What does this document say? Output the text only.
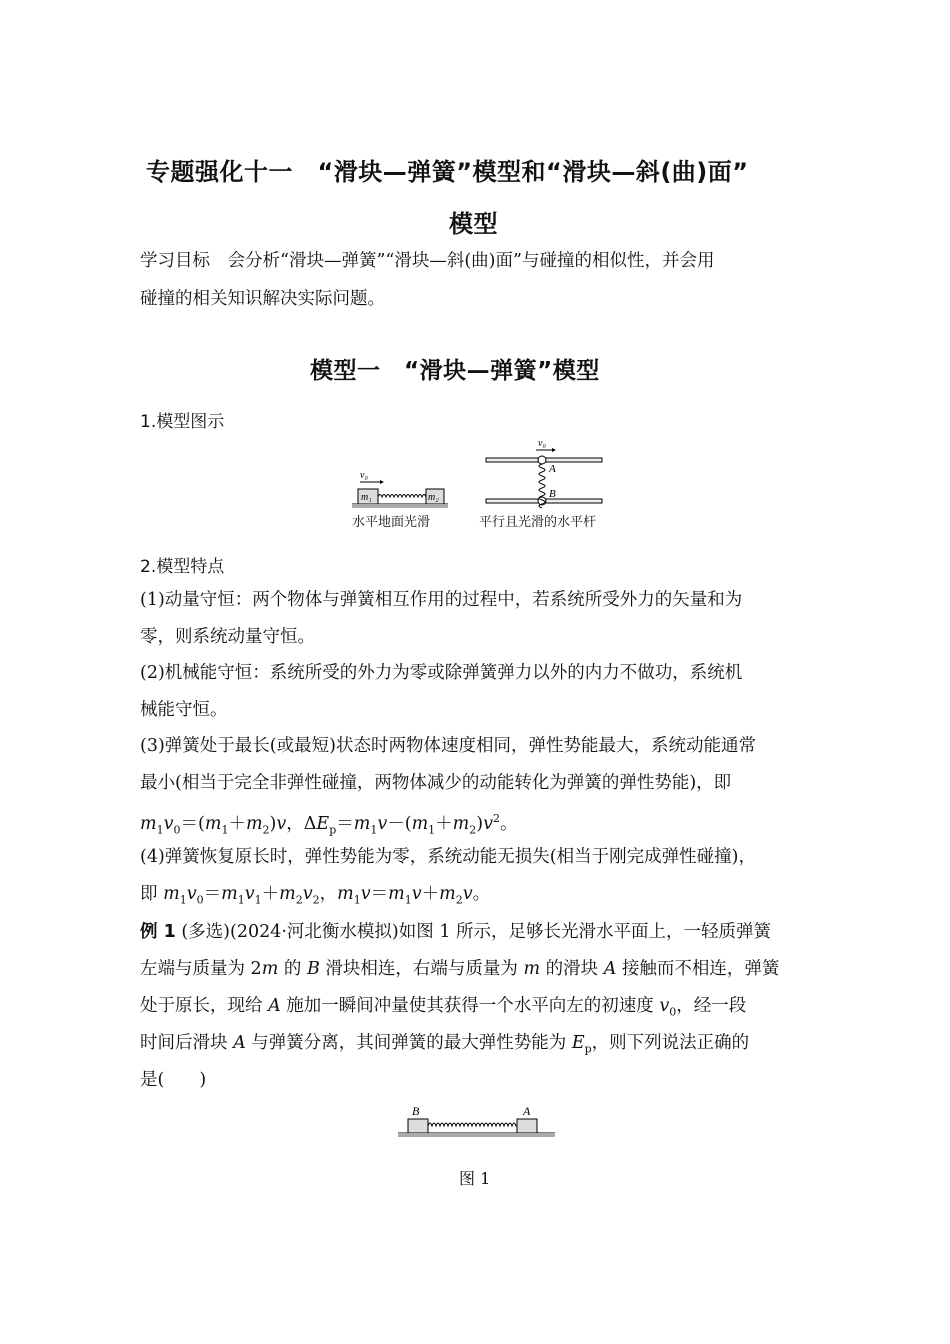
专题强化十一　“滑块—弹簧”模型和“滑块—斜(曲)面”
模型
学习目标　会分析“滑块—弹簧”“滑块—斜(曲)面”与碰撞的相似性，并会用
碰撞的相关知识解决实际问题。
模型一　“滑块—弹簧”模型
1.模型图示
v₀
m₁	m₂
v₀
A
B
水平地面光滑	平行且光滑的水平杆
2.模型特点
(1)动量守恒：两个物体与弹簧相互作用的过程中，若系统所受外力的矢量和为
零，则系统动量守恒。
(2)机械能守恒：系统所受的外力为零或除弹簧弹力以外的内力不做功，系统机
械能守恒。
(3)弹簧处于最长(或最短)状态时两物体速度相同，弹性势能最大，系统动能通常
最小(相当于完全非弹性碰撞，两物体减少的动能转化为弹簧的弹性势能)，即
$m_1v_0=(m_1+m_2)v$，$\Delta E_p=m_1v-(m_1+m_2)v^2$。
(4)弹簧恢复原长时，弹性势能为零，系统动能无损失(相当于刚完成弹性碰撞)，
即 $m_1v_0=m_1v_1+m_2v_2$，$m_1v=m_1v+m_2v$。
例 1 (多选)(2024·河北衡水模拟)如图 1 所示，足够长光滑水平面上，一轻质弹簧
左端与质量为 2m 的 B 滑块相连，右端与质量为 m 的滑块 A 接触而不相连，弹簧
处于原长，现给 A 施加一瞬间冲量使其获得一个水平向左的初速度 $v_0$，经一段
时间后滑块 A 与弹簧分离，其间弹簧的最大弹性势能为 $E_p$，则下列说法正确的
是(　　)
B	A
图 1
